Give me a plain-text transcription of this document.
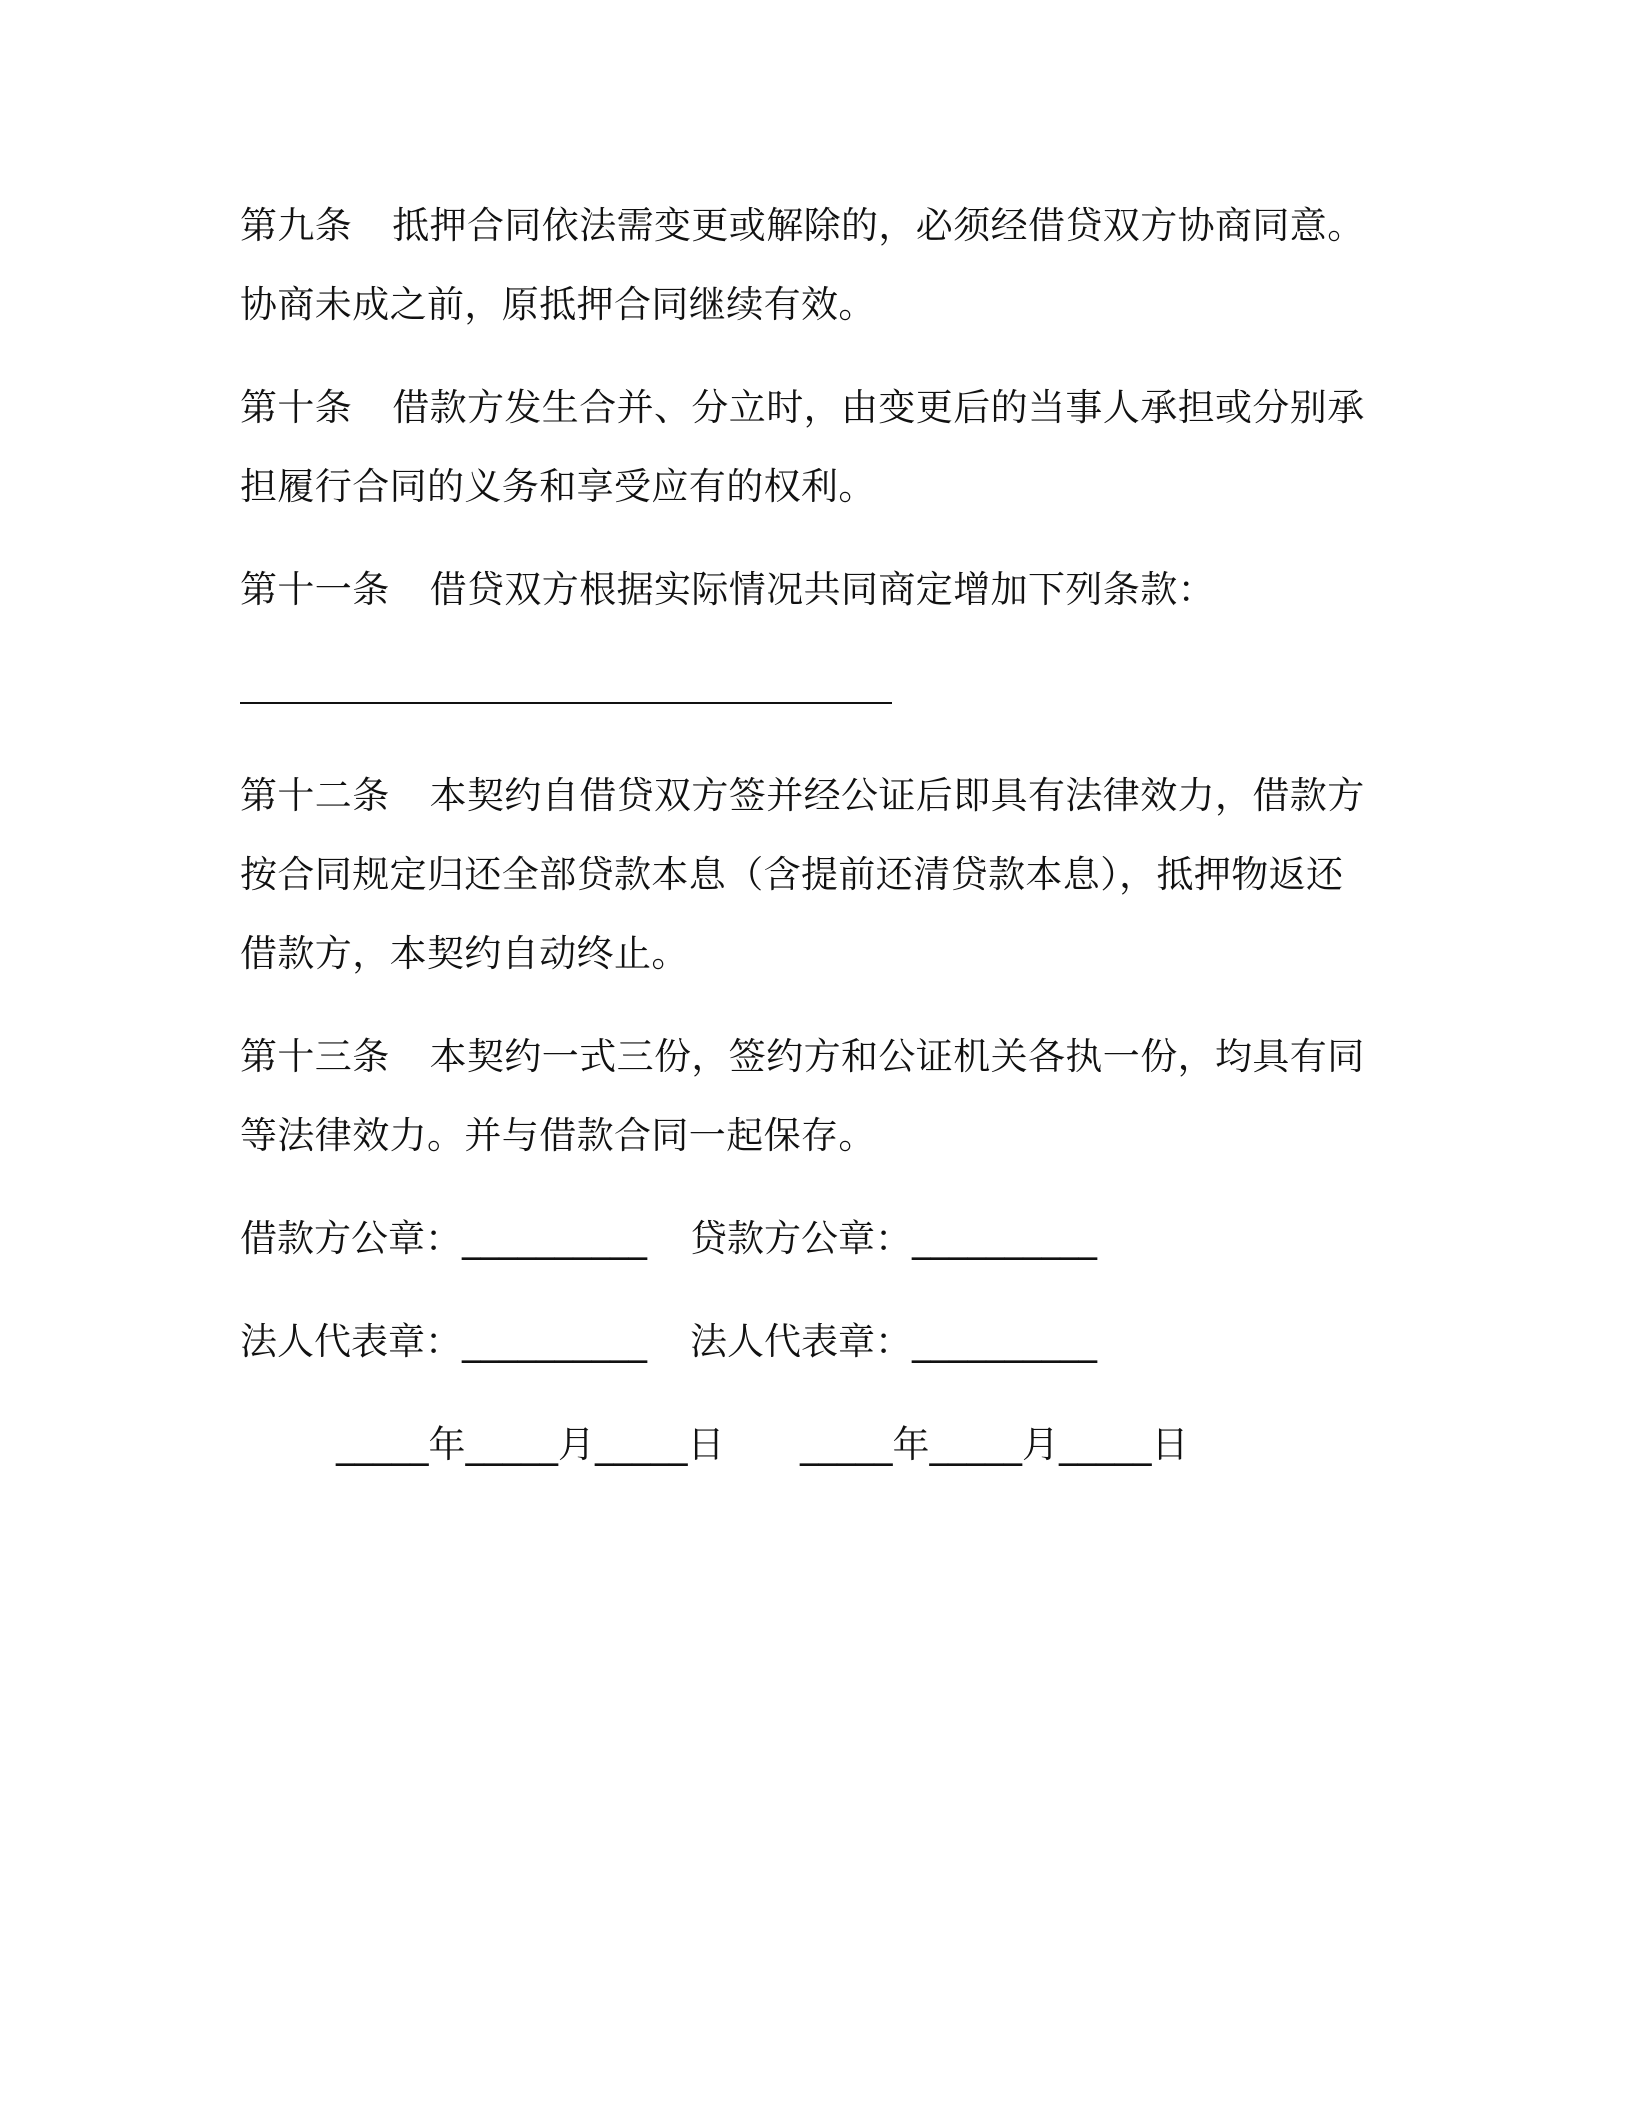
第九条 抵押合同依法需变更或解除的，必须经借贷双方协商同意。
协商未成之前，原抵押合同继续有效。
第十条 借款方发生合并、分立时，由变更后的当事人承担或分别承
担履行合同的义务和享受应有的权利。
第十一条 借贷双方根据实际情况共同商定增加下列条款：
第十二条 本契约自借贷双方签并经公证后即具有法律效力，借款方
按合同规定归还全部贷款本息（含提前还清贷款本息），抵押物返还
借款方，本契约自动终止。
第十三条 本契约一式三份，签约方和公证机关各执一份，均具有同
等法律效力。并与借款合同一起保存。
借款方公章：__________ 贷款方公章：__________
法人代表章：__________ 法人代表章：__________
_____年_____月_____日 _____年_____月_____日
